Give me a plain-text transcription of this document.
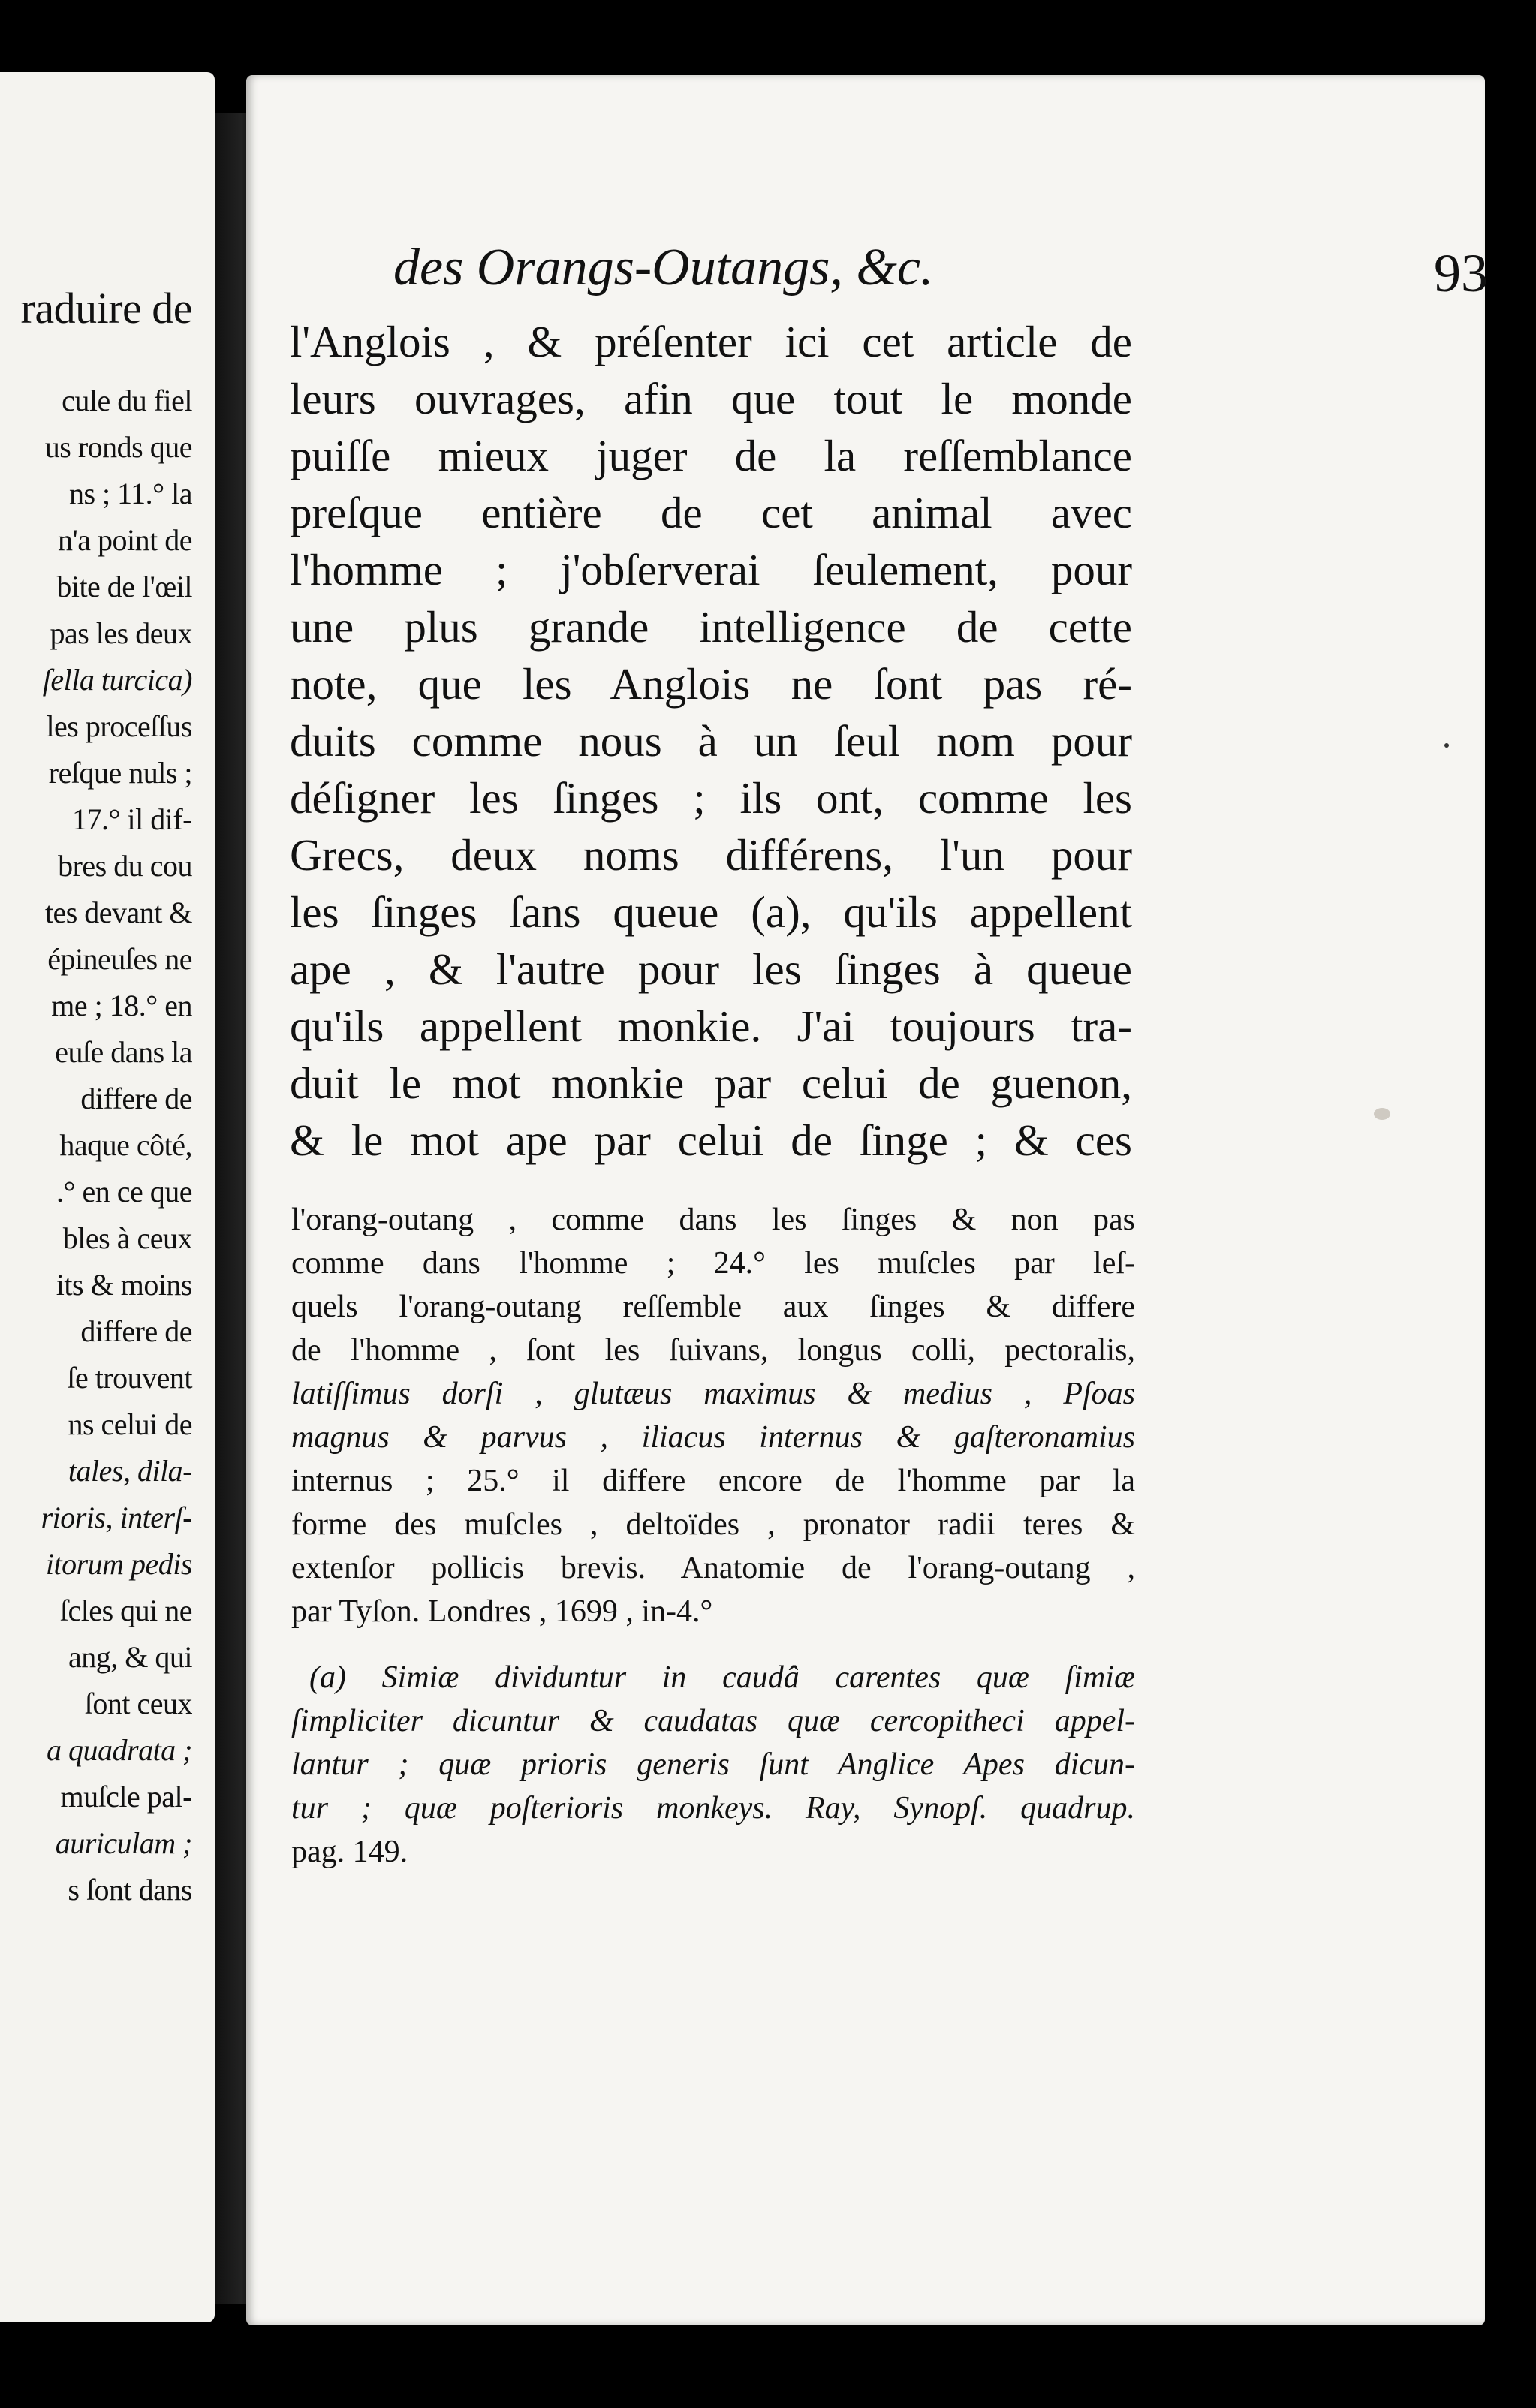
raduire de
cule du fiel
us ronds que
ns ; 11.° la
n'a point de
bite de l'œil
pas les deux
ſella turcica)
les proceſſus
reſque nuls ;
17.° il dif-
bres du cou
tes devant &
épineuſes ne
me ; 18.° en
euſe dans la
differe de
haque côté,
.° en ce que
bles à ceux
its & moins
differe de
ſe trouvent
ns celui de
tales, dila-
rioris, interſ-
itorum pedis
ſcles qui ne
ang, & qui
ſont ceux
a quadrata ;
muſcle pal-
auriculam ;
s ſont dans
des Orangs-Outangs, &c.	93
l'Anglois , & préſenter ici cet article de
leurs ouvrages, afin que tout le monde
puiſſe mieux juger de la reſſemblance
preſque entière de cet animal avec
l'homme ; j'obſerverai ſeulement, pour
une plus grande intelligence de cette
note, que les Anglois ne ſont pas ré-
duits comme nous à un ſeul nom pour
déſigner les ſinges ; ils ont, comme les
Grecs, deux noms différens, l'un pour
les ſinges ſans queue (a), qu'ils appellent
ape , & l'autre pour les ſinges à queue
qu'ils appellent monkie. J'ai toujours tra-
duit le mot monkie par celui de guenon,
& le mot ape par celui de ſinge ; & ces
l'orang-outang , comme dans les ſinges & non pas
comme dans l'homme ; 24.° les muſcles par leſ-
quels l'orang-outang reſſemble aux ſinges & differe
de l'homme , ſont les ſuivans, longus colli, pectoralis,
latiſſimus dorſi , glutæus maximus & medius , Pſoas
magnus & parvus , iliacus internus & gaſteronamius
internus ; 25.° il differe encore de l'homme par la
forme des muſcles , deltoïdes , pronator radii teres &
extenſor pollicis brevis. Anatomie de l'orang-outang ,
par Tyſon. Londres , 1699 , in-4.°
(a) Simiæ dividuntur in caudâ carentes quæ ſimiæ
ſimpliciter dicuntur & caudatas quæ cercopitheci appel-
lantur ; quæ prioris generis ſunt Anglice Apes dicun-
tur ; quæ poſterioris monkeys. Ray, Synopſ. quadrup.
pag. 149.
